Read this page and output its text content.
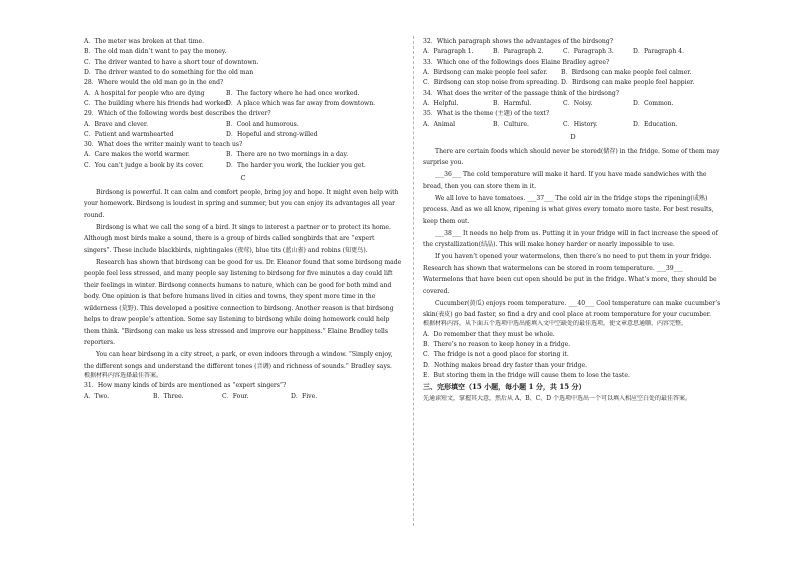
A．The meter was broken at that time.
B．The old man didn’t want to pay the money.
C．The driver wanted to have a short tour of downtown.
D．The driver wanted to do something for the old man
28．Where would the old man go in the end?
A．A hospital for people who are dying	B．The factory where he had once worked.
C．The building where his friends had worked
D．A place which was far away from downtown.
29．Which of the following words best describes the driver?
A．Brave and clever.	B．Cool and humorous.
C．Patient and warmhearted	D．Hopeful and strong-willed
30．What does the writer mainly want to teach us?
A．Care makes the world warmer.	B．There are no two mornings in a day.
C．You can’t judge a book by its cover.	D．The harder you work, the luckier you get.
C
Birdsong is powerful. It can calm and comfort people, bring joy and hope. It might even help with your homework. Birdsong is loudest in spring and summer, but you can enjoy its advantages all year round.
Birdsong is what we call the song of a bird. It sings to interest a partner or to protect its home. Although most birds make a sound, there is a group of birds called songbirds that are “expert singers”. These include blackbirds, nightingales (夜莺), blue tits (蓝山雀) and robins (知更鸟).
Research has shown that birdsong can be good for us. Dr. Eleanor found that some birdsong made people feel less stressed, and many people say listening to birdsong for five minutes a day could lift their feelings in winter. Birdsong connects humans to nature, which can be good for both mind and body. One opinion is that before humans lived in cities and towns, they spent more time in the wilderness (荒野). This developed a positive connection to birdsong. Another reason is that birdsong helps to draw people’s attention. Some say listening to birdsong while doing homework could help them think. “Birdsong can make us less stressed and improve our happiness.” Elaine Bradley tells reporters.
You can hear birdsong in a city street, a park, or even indoors through a window. “Simply enjoy, the different songs and understand the different tones (音调) and richness of sounds.” Bradley says.
根据材料内容选择最佳答案。
31．How many kinds of birds are mentioned as “expert singers”?
A．Two.	B．Three.	C．Four.	D．Five.
32．Which paragraph shows the advantages of the birdsong?
A．Paragraph 1.	B．Paragraph 2.	C．Paragraph 3.	D．Paragraph 4.
33．Which one of the followings does Elaine Bradley agree?
A．Birdsong can make people feel safer.	B．Birdsong can make people feel calmer.
C．Birdsong can stop noise from spreading. D．Birdsong can make people feel happier.
34．What does the writer of the passage think of the birdsong?
A．Helpful.	B．Harmful.	C．Noisy.	D．Common.
35．What is the theme (主题) of the text?
A．Animal	B．Culture.	C．History.	D．Education.
D
There are certain foods which should never be stored(储存) in the fridge. Some of them may surprise you.
___36___ The cold temperature will make it hard. If you have made sandwiches with the bread, then you can store them in it.
We all love to have tomatoes. ___37___ The cold air in the fridge stops the ripening(成熟) process. And as we all know, ripening is what gives every tomato more taste. For best results, keep them out.
___38___ It needs no help from us. Putting it in your fridge will in fact increase the speed of the crystallization(结晶). This will make honey harder or nearly impossible to use.
If you haven’t opened your watermelons, then there’s no need to put them in your fridge. Research has shown that watermelons can be stored in room temperature. ___39___ Watermelons that have been cut open should be put in the fridge. What’s more, they should be covered.
Cucumber(黄瓜) enjoys room temperature. ___40___ Cool temperature can make cucumber’s skin(表皮) go bad faster, so find a dry and cool place at room temperature for your cucumber.
根据材料内容，从下面五个选项中选出能填入文中空缺处的最佳选项，使文章意思通顺、内容完整。
A．Do remember that they must be whole.
B．There’s no reason to keep honey in a fridge.
C．The fridge is not a good place for storing it.
D．Nothing makes bread dry faster than your fridge.
E．But storing them in the fridge will cause them to lose the taste.
三、完形填空（15 小题，每小题 1 分，共 15 分）
先通读短文，掌握其大意，然后从 A、B、C、D 个选项中选出一个可以填入相应空白处的最佳答案。
